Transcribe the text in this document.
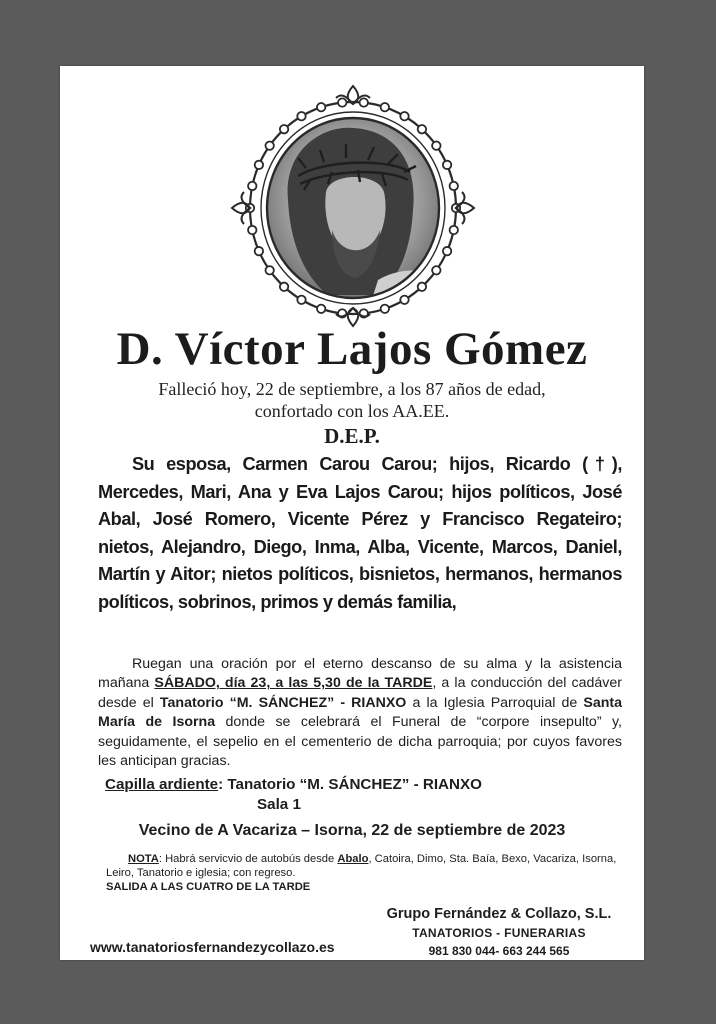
D. Víctor Lajos Gómez
Falleció hoy, 22 de septiembre, a los 87 años de edad,
confortado con los AA.EE.
D.E.P.
Su esposa, Carmen Carou Carou; hijos, Ricardo (†), Mercedes, Mari, Ana y Eva Lajos Carou; hijos políticos, José Abal, José Romero, Vicente Pérez y Francisco Regateiro; nietos, Alejandro, Diego, Inma, Alba, Vicente, Marcos, Daniel, Martín y Aitor; nietos políticos, bisnietos, hermanos, hermanos políticos, sobrinos, primos y demás familia,
Ruegan una oración por el eterno descanso de su alma y la asistencia mañana SÁBADO, día 23, a las 5,30 de la TARDE, a la conducción del cadáver desde el Tanatorio “M. SÁNCHEZ” - RIANXO a la Iglesia Parroquial de Santa María de Isorna donde se celebrará el Funeral de “corpore insepulto” y, seguidamente, el sepelio en el cementerio de dicha parroquia; por cuyos favores les anticipan gracias.
Capilla ardiente: Tanatorio “M. SÁNCHEZ” - RIANXO
Sala 1
Vecino de A Vacariza – Isorna, 22 de septiembre de 2023
NOTA: Habrá servicvio de autobús desde Abalo, Catoira, Dimo, Sta. Baía, Bexo, Vacariza, Isorna, Leiro, Tanatorio e iglesia; con regreso.
SALIDA A LAS CUATRO DE LA TARDE
Grupo Fernández & Collazo, S.L.
TANATORIOS - FUNERARIAS
981 830 044- 663 244 565
www.tanatoriosfernandezycollazo.es
